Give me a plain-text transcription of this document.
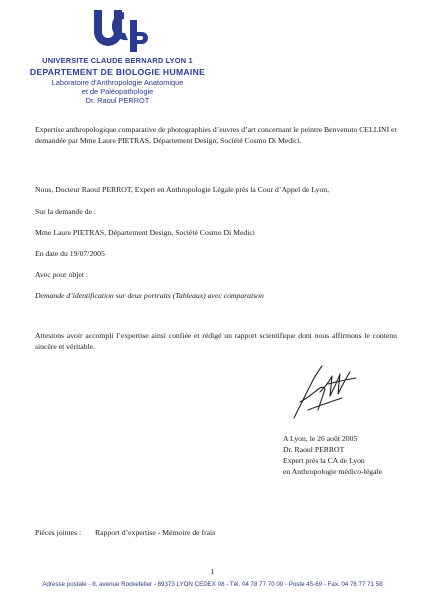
UNIVERSITE CLAUDE BERNARD LYON 1
DEPARTEMENT DE BIOLOGIE HUMAINE
Laboratoire d'Anthropologie Anatomique
et de Paléopathologie
Dr. Raoul PERROT
Expertise anthropologique comparative de photographies d’euvres d’art concernant le peintre Benvenuto CELLINI et demandée par Mme Laure PIETRAS, Département Design, Société Cosmo Di Medici.
Nous, Docteur Raoul PERROT, Expert en Anthropologie Légale près la Cour d’Appel de Lyon,
Sur la demande de :
Mme Laure PIETRAS, Département Design, Société Cosmo Di Medici
En date du 19/07/2005
Avec pour objet :
Demande d’identification sur deux portraits (Tableaux) avec comparaison
Attestons avoir accompli l’expertise ainsi confiée et rédigé un rapport scientifique dont nous affirmons le contenu sincère et véritable.
A Lyon, le 26 août 2005
Dr. Raoul PERROT
Expert près la CA de Lyon
en Anthropologie médico-légale
Pièces jointes : Rapport d’expertise - Mémoire de frais
1
Adresse postale - 8, avenue Rockefeller - 69373 LYON CEDEX 08 - Tél. 04 78 77 70 00 - Poste 45-69 - Fax. 04 78 77 71 58
